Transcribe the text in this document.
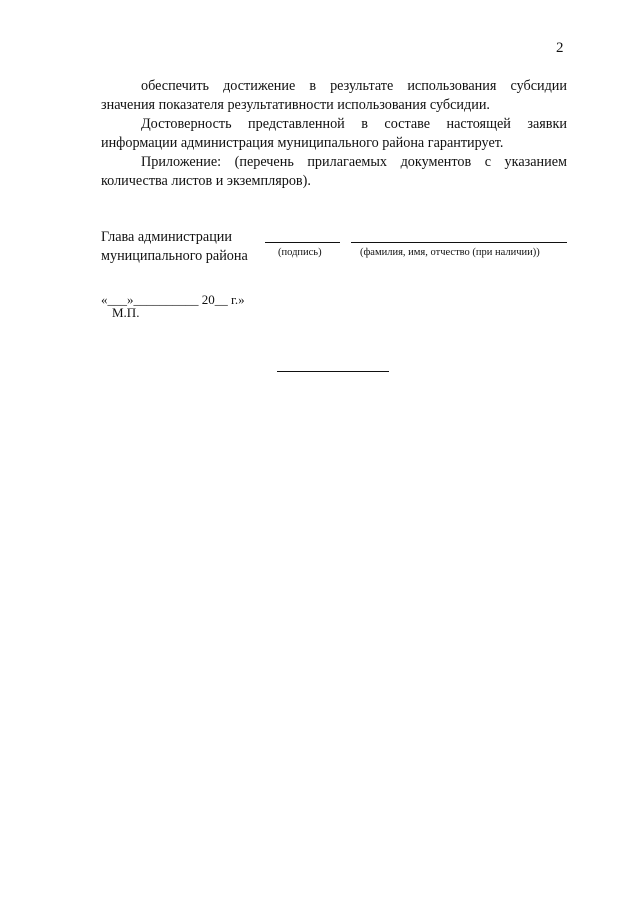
2

обеспечить достижение в результате использования субсидии значения показателя результативности использования субсидии.

Достоверность представленной в составе настоящей заявки информации администрация муниципального района гарантирует.

Приложение: (перечень прилагаемых документов с указанием количества листов и экземпляров).

Глава администрации
муниципального района	(подпись)	(фамилия, имя, отчество (при наличии))
«___»__________ 20__ г.»
М.П.
